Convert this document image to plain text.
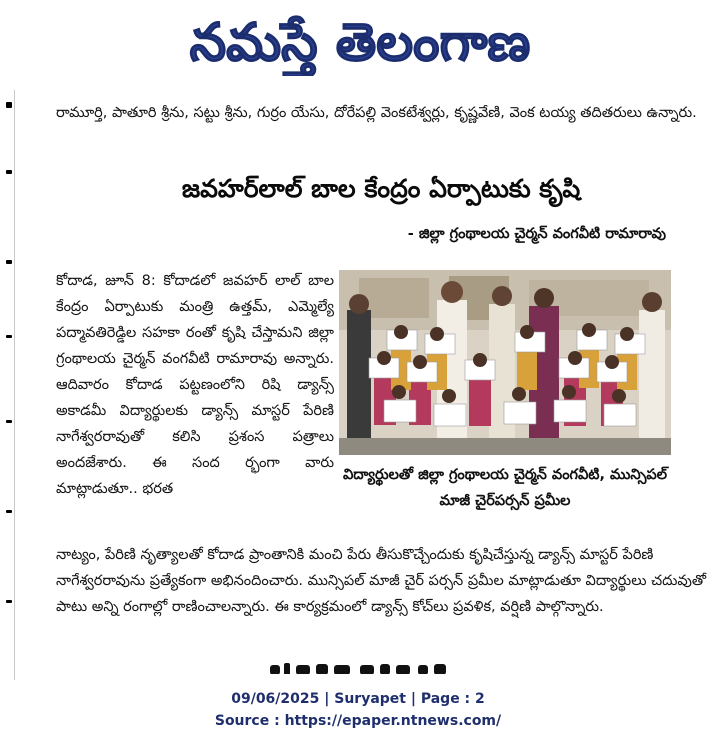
నమస్తే తెలంగాణ
రామూర్తి, పాతూరి శ్రీను, సట్టు శ్రీను, గుర్రం యేసు, దోరేపల్లి వెంకటేశ్వర్లు, కృష్ణవేణి, వెంక టయ్య తదితరులు ఉన్నారు.
జవహర్‌లాల్ బాల కేంద్రం ఏర్పాటుకు కృషి
- జిల్లా గ్రంథాలయ చైర్మన్ వంగవీటి రామారావు

కోదాడ, జూన్ 8: కోదాడలో జవహర్ లాల్ బాల కేంద్రం ఏర్పాటుకు మంత్రి ఉత్తమ్, ఎమ్మెల్యే పద్మావతిరెడ్డిల సహకా రంతో కృషి చేస్తామని జిల్లా గ్రంథాలయ చైర్మన్ వంగవీటి రామారావు అన్నారు. ఆదివారం కోదాడ పట్టణంలోని రిషి డ్యాన్స్ అకాడమీ విద్యార్థులకు డ్యాన్స్ మాస్టర్ పేరిణి నాగేశ్వరరావుతో కలిసి ప్రశంస పత్రాలు అందజేశారు. ఈ సంద ర్భంగా వారు మాట్లాడుతూ.. భరత

విద్యార్థులతో జిల్లా గ్రంథాలయ చైర్మన్ వంగవీటి, మున్సిపల్ మాజీ చైర్‌పర్సన్ ప్రమీల

నాట్యం, పేరిణి నృత్యాలతో కోదాడ ప్రాంతానికి మంచి పేరు తీసుకొచ్చేందుకు కృషిచేస్తున్న డ్యాన్స్ మాస్టర్ పేరిణి నాగేశ్వరరావును ప్రత్యేకంగా అభినందించారు. మున్సిపల్ మాజీ చైర్ పర్సన్ ప్రమీల మాట్లాడుతూ విద్యార్థులు చదువుతో పాటు అన్ని రంగాల్లో రాణించాలన్నారు. ఈ కార్యక్రమంలో డ్యాన్స్ కోచ్‌లు ప్రవళిక, వర్షిణి పాల్గొన్నారు.

09/06/2025 | Suryapet | Page : 2
Source : https://epaper.ntnews.com/
